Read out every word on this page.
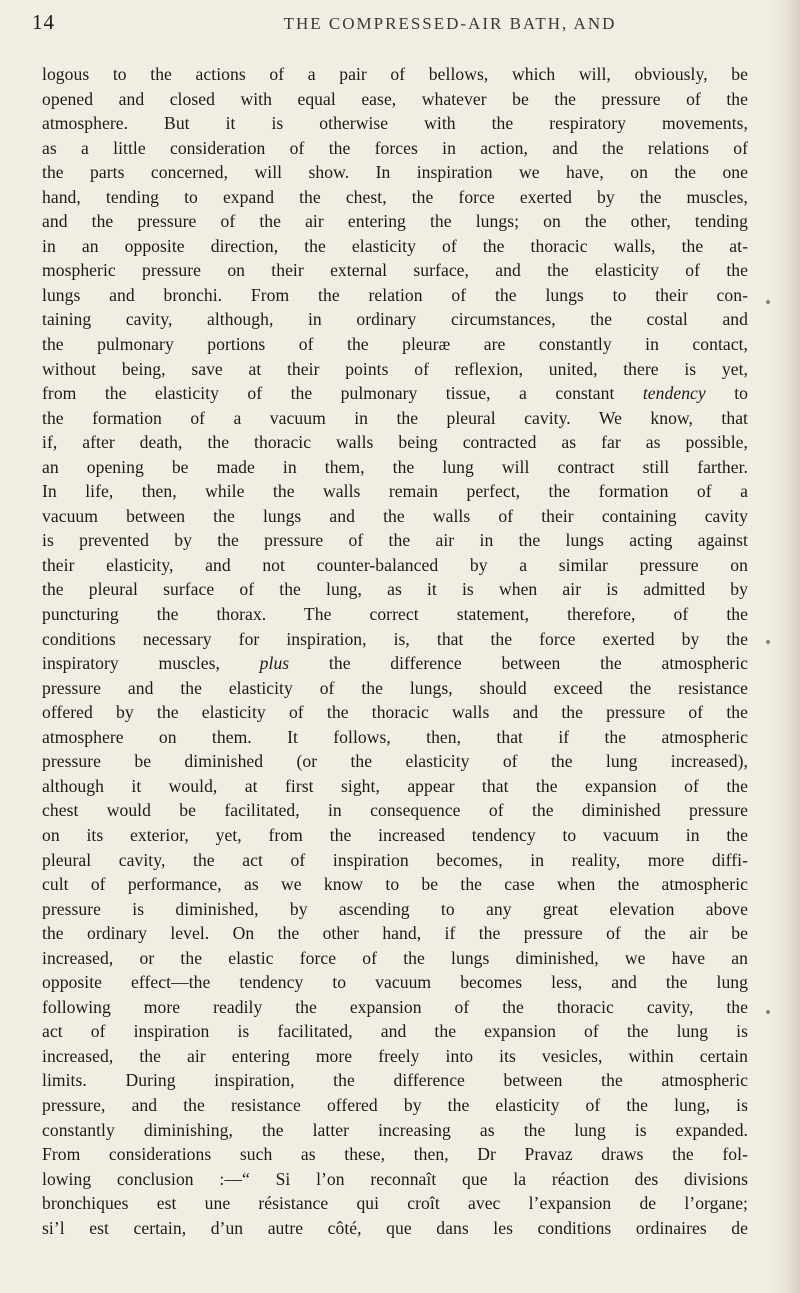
14	THE COMPRESSED-AIR BATH, AND
logous to the actions of a pair of bellows, which will, obviously, be
opened and closed with equal ease, whatever be the pressure of the
atmosphere. But it is otherwise with the respiratory movements,
as a little consideration of the forces in action, and the relations of
the parts concerned, will show. In inspiration we have, on the one
hand, tending to expand the chest, the force exerted by the muscles,
and the pressure of the air entering the lungs; on the other, tending
in an opposite direction, the elasticity of the thoracic walls, the at-
mospheric pressure on their external surface, and the elasticity of the
lungs and bronchi. From the relation of the lungs to their con-
taining cavity, although, in ordinary circumstances, the costal and
the pulmonary portions of the pleuræ are constantly in contact,
without being, save at their points of reflexion, united, there is yet,
from the elasticity of the pulmonary tissue, a constant tendency to
the formation of a vacuum in the pleural cavity. We know, that
if, after death, the thoracic walls being contracted as far as possible,
an opening be made in them, the lung will contract still farther.
In life, then, while the walls remain perfect, the formation of a
vacuum between the lungs and the walls of their containing cavity
is prevented by the pressure of the air in the lungs acting against
their elasticity, and not counter-balanced by a similar pressure on
the pleural surface of the lung, as it is when air is admitted by
puncturing the thorax. The correct statement, therefore, of the
conditions necessary for inspiration, is, that the force exerted by the
inspiratory muscles, plus the difference between the atmospheric
pressure and the elasticity of the lungs, should exceed the resistance
offered by the elasticity of the thoracic walls and the pressure of the
atmosphere on them. It follows, then, that if the atmospheric
pressure be diminished (or the elasticity of the lung increased),
although it would, at first sight, appear that the expansion of the
chest would be facilitated, in consequence of the diminished pressure
on its exterior, yet, from the increased tendency to vacuum in the
pleural cavity, the act of inspiration becomes, in reality, more diffi-
cult of performance, as we know to be the case when the atmospheric
pressure is diminished, by ascending to any great elevation above
the ordinary level. On the other hand, if the pressure of the air be
increased, or the elastic force of the lungs diminished, we have an
opposite effect—the tendency to vacuum becomes less, and the lung
following more readily the expansion of the thoracic cavity, the
act of inspiration is facilitated, and the expansion of the lung is
increased, the air entering more freely into its vesicles, within certain
limits. During inspiration, the difference between the atmospheric
pressure, and the resistance offered by the elasticity of the lung, is
constantly diminishing, the latter increasing as the lung is expanded.
From considerations such as these, then, Dr Pravaz draws the fol-
lowing conclusion :—“ Si l’on reconnaît que la réaction des divisions
bronchiques est une résistance qui croît avec l’expansion de l’organe;
si’l est certain, d’un autre côté, que dans les conditions ordinaires de
